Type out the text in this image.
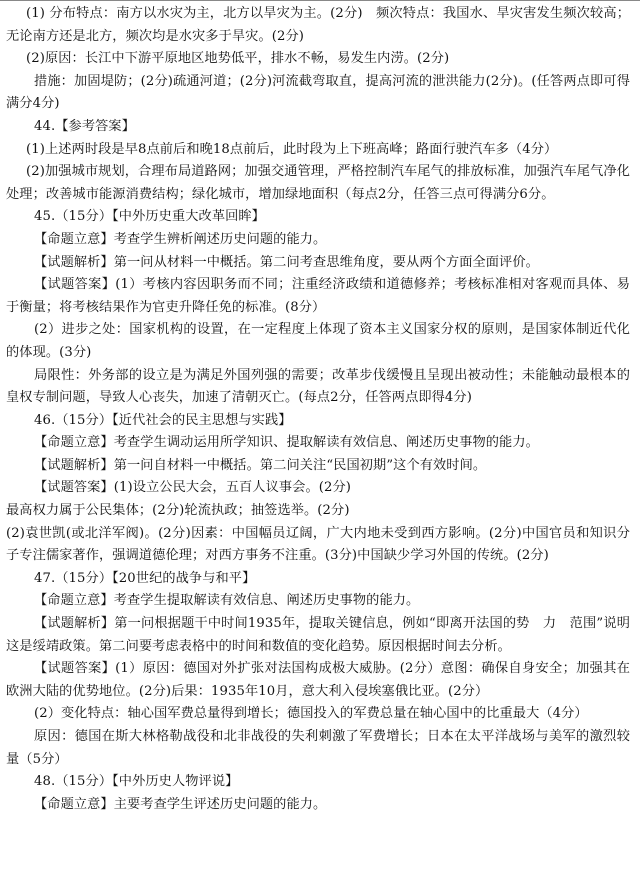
(1) 分布特点：南方以水灾为主，北方以旱灾为主。(2分)　频次特点：我国水、旱灾害发生频次较高；无论南方还是北方，频次均是水灾多于旱灾。(2分)

(2)原因：长江中下游平原地区地势低平，排水不畅，易发生内涝。(2分)

措施：加固堤防；(2分)疏通河道；(2分)河流截弯取直，提高河流的泄洪能力(2分)。(任答两点即可得满分4分)

44.【参考答案】

(1)上述两时段是早8点前后和晚18点前后，此时段为上下班高峰；路面行驶汽车多（4分）

(2)加强城市规划，合理布局道路网；加强交通管理，严格控制汽车尾气的排放标准，加强汽车尾气净化处理；改善城市能源消费结构；绿化城市，增加绿地面积（每点2分，任答三点可得满分6分。

45.（15分）【中外历史重大改革回眸】

【命题立意】考查学生辨析阐述历史问题的能力。

【试题解析】第一问从材料一中概括。第二问考查思维角度，要从两个方面全面评价。

【试题答案】(1）考核内容因职务而不同；注重经济政绩和道德修养；考核标准相对客观而具体、易于衡量；将考核结果作为官吏升降任免的标准。(8分）

(2）进步之处：国家机构的设置，在一定程度上体现了资本主义国家分权的原则，是国家体制近代化的体现。(3分)

局限性：外务部的设立是为满足外国列强的需要；改革步伐缓慢且呈现出被动性；未能触动最根本的皇权专制问题，导致人心丧失，加速了清朝灭亡。(每点2分，任答两点即得4分)

46.（15分）【近代社会的民主思想与实践】

【命题立意】考查学生调动运用所学知识、提取解读有效信息、阐述历史事物的能力。

【试题解析】第一问自材料一中概括。第二问关注“民国初期”这个有效时间。

【试题答案】(1)设立公民大会，五百人议事会。(2分)

最高权力属于公民集体；(2分)轮流执政；抽签选举。(2分)

(2)袁世凯(或北洋军阀)。(2分)因素：中国幅员辽阔，广大内地未受到西方影响。(2分)中国官员和知识分子专注儒家著作，强调道德伦理；对西方事务不注重。(3分)中国缺少学习外国的传统。(2分)

47.（15分）【20世纪的战争与和平】

【命题立意】考查学生提取解读有效信息、阐述历史事物的能力。

【试题解析】第一问根据题干中时间1935年，提取关键信息，例如“即离开法国的势　力　范围”说明这是绥靖政策。第二问要考虑表格中的时间和数值的变化趋势。原因根据时间去分析。

【试题答案】(1）原因：德国对外扩张对法国构成极大威胁。(2分）意图：确保自身安全；加强其在欧洲大陆的优势地位。(2分)后果：1935年10月，意大利入侵埃塞俄比亚。(2分）

(2）变化特点：轴心国军费总量得到增长；德国投入的军费总量在轴心国中的比重最大（4分）

原因：德国在斯大林格勒战役和北非战役的失利刺激了军费增长；日本在太平洋战场与美军的激烈较量（5分）

48.（15分）【中外历史人物评说】

【命题立意】主要考查学生评述历史问题的能力。
